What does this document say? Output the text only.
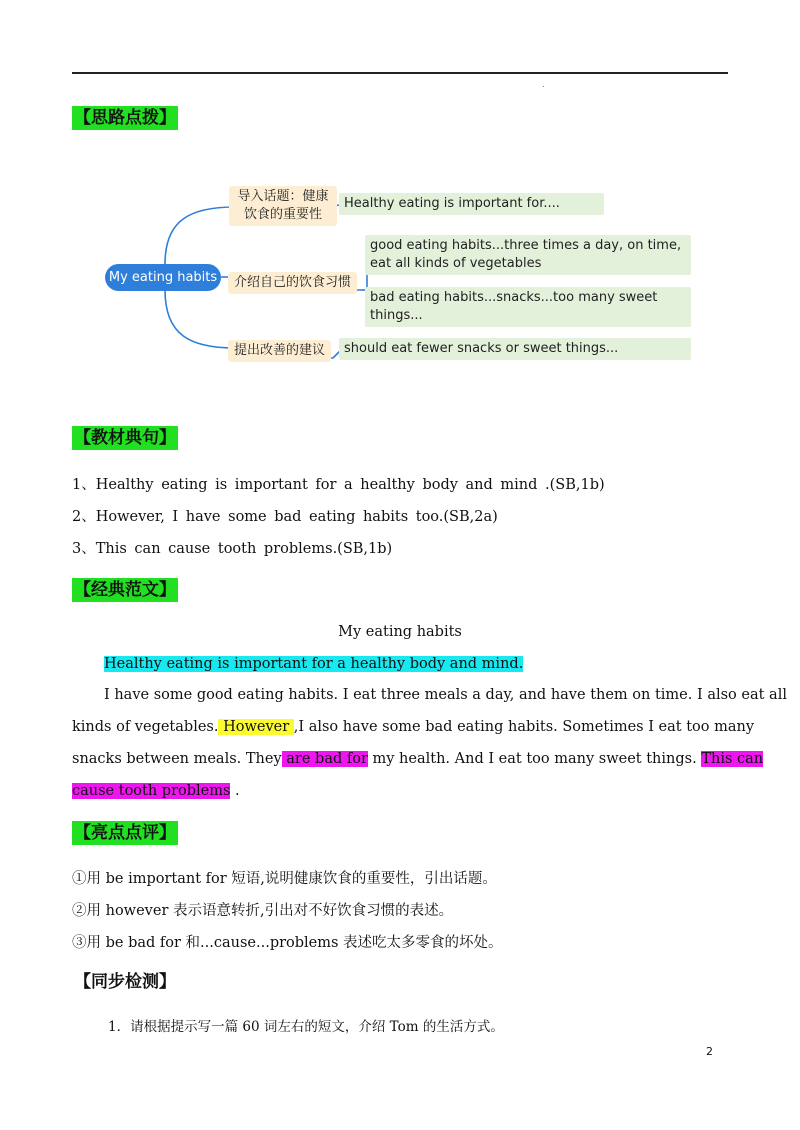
.
【思路点拨】
My eating habits
导入话题：健康
饮食的重要性
Healthy eating is important for....
介绍自己的饮食习惯
good eating habits...three times a day, on time,
eat all kinds of vegetables
bad eating habits...snacks...too many sweet
things...
提出改善的建议	should eat fewer snacks or sweet things...
【教材典句】
1、Healthy eating is important for a healthy body and mind .(SB,1b)
2、However, I have some bad eating habits too.(SB,2a)
3、This can cause tooth problems.(SB,1b)
【经典范文】
My eating habits
Healthy eating is important for a healthy body and mind.
I have some good eating habits. I eat three meals a day, and have them on time. I also eat all
kinds of vegetables. However ,I also have some bad eating habits. Sometimes I eat too many
snacks between meals. They are bad for my health. And I eat too many sweet things. This can
cause tooth problems .
【亮点点评】
①用 be important for 短语,说明健康饮食的重要性，引出话题。
②用 however 表示语意转折,引出对不好饮食习惯的表述。
③用 be bad for 和...cause...problems 表述吃太多零食的坏处。
【同步检测】
1．请根据提示写一篇 60 词左右的短文，介绍 Tom 的生活方式。
2
